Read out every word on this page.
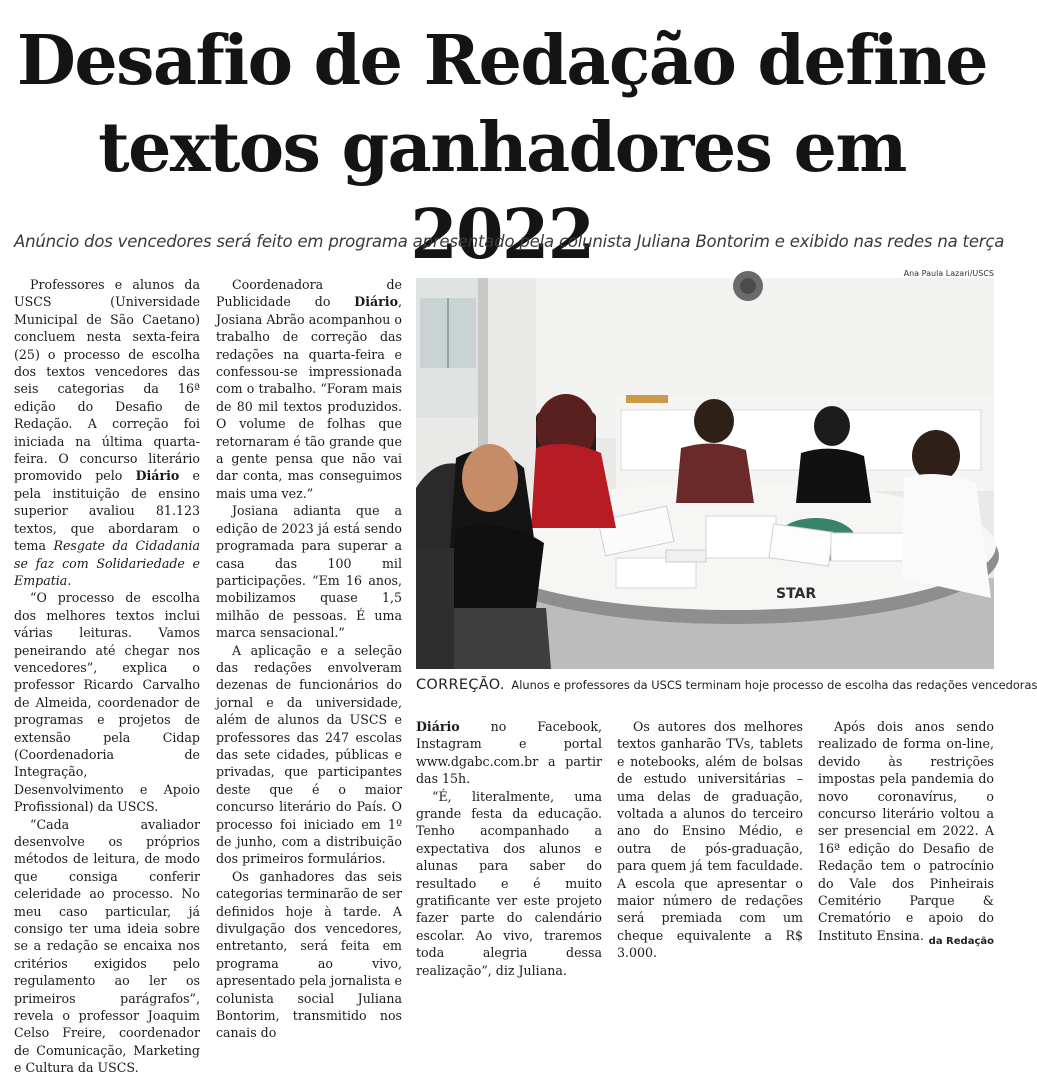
Desafio de Redação define
textos ganhadores em 2022
Anúncio dos vencedores será feito em programa apresentado pela colunista Juliana Bontorim e exibido nas redes na terça

Professores e alunos da USCS (Universidade Municipal de São Caetano) concluem nesta sexta-feira (25) o processo de escolha dos textos vencedores das seis categorias da 16ª edição do Desafio de Redação. A correção foi iniciada na última quarta-feira. O concurso literário promovido pelo Diário e pela instituição de ensino superior avaliou 81.123 textos, que abordaram o tema Resgate da Cidadania se faz com Solidariedade e Empatia.

“O processo de escolha dos melhores textos inclui várias leituras. Vamos peneirando até chegar nos vencedores”, explica o professor Ricardo Carvalho de Almeida, coordenador de programas e projetos de extensão pela Cidap (Coordenadoria de Integração, Desenvolvimento e Apoio Profissional) da USCS.

“Cada avaliador desenvolve os próprios métodos de leitura, de modo que consiga conferir celeridade ao processo. No meu caso particular, já consigo ter uma ideia sobre se a redação se encaixa nos critérios exigidos pelo regulamento ao ler os primeiros parágrafos”, revela o professor Joaquim Celso Freire, coordenador de Comunicação, Marketing e Cultura da USCS.

Coordenadora de Publicidade do Diário, Josiana Abrão acompanhou o trabalho de correção das redações na quarta-feira e confessou-se impressionada com o trabalho. “Foram mais de 80 mil textos produzidos. O volume de folhas que retornaram é tão grande que a gente pensa que não vai dar conta, mas conseguimos mais uma vez.”

Josiana adianta que a edição de 2023 já está sendo programada para superar a casa das 100 mil participações. “Em 16 anos, mobilizamos quase 1,5 milhão de pessoas. É uma marca sensacional.”

A aplicação e a seleção das redações envolveram dezenas de funcionários do jornal e da universidade, além de alunos da USCS e professores das 247 escolas das sete cidades, públicas e privadas, que participantes deste que é o maior concurso literário do País. O processo foi iniciado em 1º de junho, com a distribuição dos primeiros formulários.

Os ganhadores das seis categorias terminarão de ser definidos hoje à tarde. A divulgação dos vencedores, entretanto, será feita em programa ao vivo, apresentado pela jornalista e colunista social Juliana Bontorim, transmitido nos canais do

Ana Paula Lazari/USCS
STAR
CORREÇÃO. Alunos e professores da USCS terminam hoje processo de escolha das redações vencedoras

Diário no Facebook, Instagram e portal www.dgabc.com.br a partir das 15h.

“É, literalmente, uma grande festa da educação. Tenho acompanhado a expectativa dos alunos e alunas para saber do resultado e é muito gratificante ver este projeto fazer parte do calendário escolar. Ao vivo, traremos toda alegria dessa realização”, diz Juliana.

Os autores dos melhores textos ganharão TVs, tablets e notebooks, além de bolsas de estudo universitárias – uma delas de graduação, voltada a alunos do terceiro ano do Ensino Médio, e outra de pós-graduação, para quem já tem faculdade. A escola que apresentar o maior número de redações será premiada com um cheque equivalente a R$ 3.000.

Após dois anos sendo realizado de forma on-line, devido às restrições impostas pela pandemia do novo coronavírus, o concurso literário voltou a ser presencial em 2022. A 16ª edição do Desafio de Redação tem o patrocínio do Vale dos Pinheirais Cemitério Parque & Crematório e apoio do Instituto Ensina. da Redação
